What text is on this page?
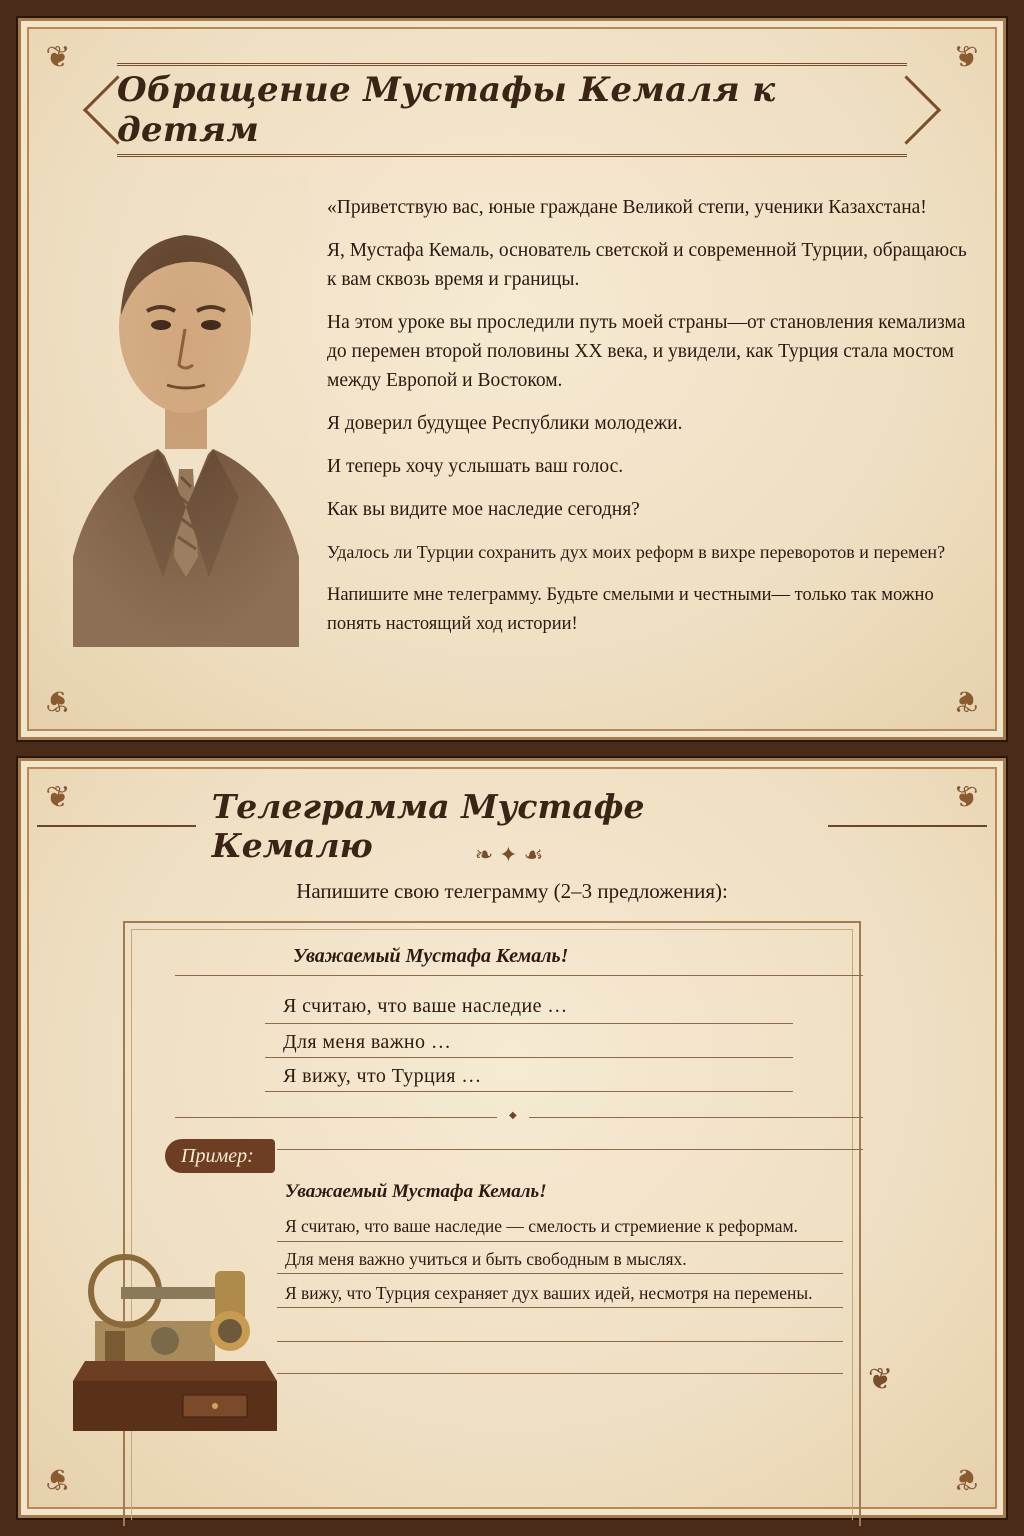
❦	❦
❦	❦
Обращение Мустафы Кемаля к детям

«Приветствую вас, юные граждане Великой степи, ученики Казахстана!

Я, Мустафа Кемаль, основатель светской и современной Турции, обращаюсь к вам сквозь время и границы.

На этом уроке вы проследили путь моей страны—от становления кемализма до перемен второй половины XX века, и увидели, как Турция стала мостом между Европой и Востоком.

Я доверил будущее Республики молодежи.

И теперь хочу услышать ваш голос.

Как вы видите мое наследие сегодня?

Удалось ли Турции сохранить дух моих реформ в вихре переворотов и перемен?

Напишите мне телеграмму. Будьте смелыми и честными— только так можно понять настоящий ход истории!

❦	❦
❦	❦
Телеграмма Мустафе Кемалю	❧✦☙
Напишите свою телеграмму (2–3 предложения):
Уважаемый Мустафа Кемаль!
Я считаю, что ваше наследие …
Для меня важно …
Я вижу, что Турция …
◆
Пример:
Уважаемый Мустафа Кемаль!
Я считаю, что ваше наследие — смелость и стремиение к реформам.
Для меня важно учиться и быть свободным в мыслях.
Я вижу, что Турция сехраняет дух ваших идей, несмотря на перемены.
❦
